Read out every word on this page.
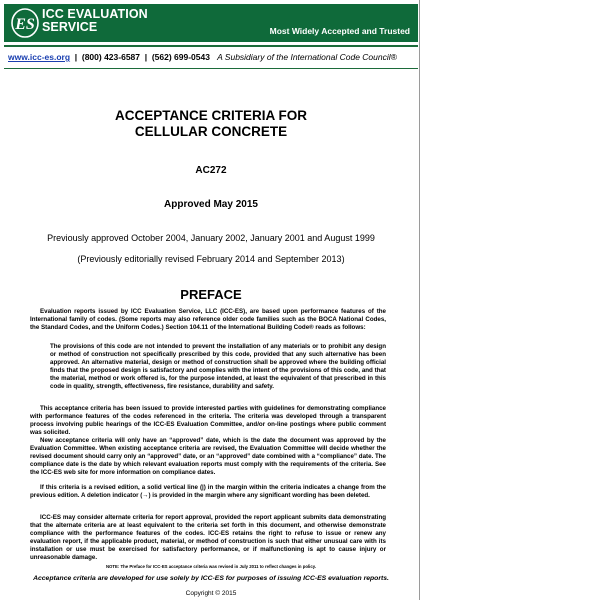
ES
ICC EVALUATION
SERVICE	Most Widely Accepted and Trusted
www.icc-es.org  |  (800) 423-6587  |  (562) 699-0543 A Subsidiary of the International Code Council®
ACCEPTANCE CRITERIA FOR
CELLULAR CONCRETE
AC272
Approved May 2015
Previously approved October 2004, January 2002, January 2001 and August 1999
(Previously editorially revised February 2014 and September 2013)
PREFACE
Evaluation reports issued by ICC Evaluation Service, LLC (ICC-ES), are based upon performance features of the International family of codes. (Some reports may also reference older code families such as the BOCA National Codes, the Standard Codes, and the Uniform Codes.) Section 104.11 of the International Building Code® reads as follows:
The provisions of this code are not intended to prevent the installation of any materials or to prohibit any design or method of construction not specifically prescribed by this code, provided that any such alternative has been approved. An alternative material, design or method of construction shall be approved where the building official finds that the proposed design is satisfactory and complies with the intent of the provisions of this code, and that the material, method or work offered is, for the purpose intended, at least the equivalent of that prescribed in this code in quality, strength, effectiveness, fire resistance, durability and safety.
This acceptance criteria has been issued to provide interested parties with guidelines for demonstrating compliance with performance features of the codes referenced in the criteria. The criteria was developed through a transparent process involving public hearings of the ICC-ES Evaluation Committee, and/or on-line postings where public comment was solicited.
New acceptance criteria will only have an “approved” date, which is the date the document was approved by the Evaluation Committee. When existing acceptance criteria are revised, the Evaluation Committee will decide whether the revised document should carry only an “approved” date, or an “approved” date combined with a “compliance” date. The compliance date is the date by which relevant evaluation reports must comply with the requirements of the criteria. See the ICC-ES web site for more information on compliance dates.
If this criteria is a revised edition, a solid vertical line (|) in the margin within the criteria indicates a change from the previous edition. A deletion indicator (→) is provided in the margin where any significant wording has been deleted.
ICC-ES may consider alternate criteria for report approval, provided the report applicant submits data demonstrating that the alternate criteria are at least equivalent to the criteria set forth in this document, and otherwise demonstrate compliance with the performance features of the codes. ICC-ES retains the right to refuse to issue or renew any evaluation report, if the applicable product, material, or method of construction is such that either unusual care with its installation or use must be exercised for satisfactory performance, or if malfunctioning is apt to cause injury or unreasonable damage.
NOTE: The Preface for ICC-ES acceptance criteria was revised in July 2011 to reflect changes in policy.
Acceptance criteria are developed for use solely by ICC-ES for purposes of issuing ICC-ES evaluation reports.
Copyright © 2015
